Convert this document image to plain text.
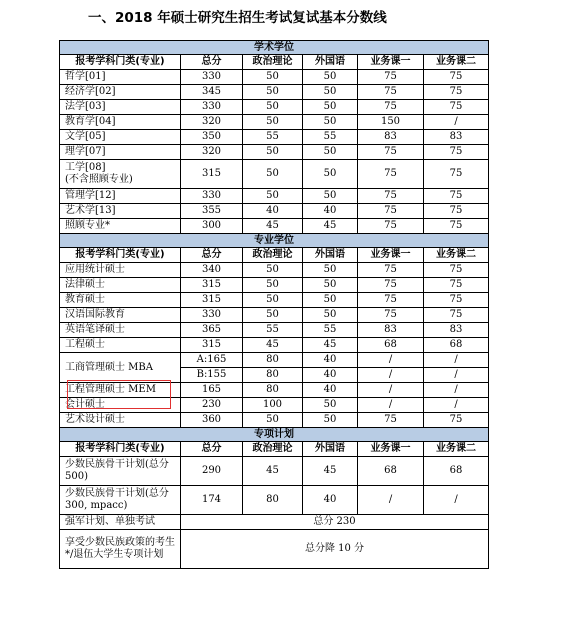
一、2018 年硕士研究生招生考试复试基本分数线
学术学位					
报考学科门类(专业)	总分	政治理论	外国语	业务课一	业务课二
哲学[01]	330	50	50	75	75
经济学[02]	345	50	50	75	75
法学[03]	330	50	50	75	75
教育学[04]	320	50	50	150	/
文学[05]	350	55	55	83	83
理学[07]	320	50	50	75	75
工学[08]
(不含照顾专业)	315	50	50	75	75
管理学[12]	330	50	50	75	75
艺术学[13]	355	40	40	75	75
照顾专业*	300	45	45	75	75
专业学位					
报考学科门类(专业)	总分	政治理论	外国语	业务课一	业务课二
应用统计硕士	340	50	50	75	75
法律硕士	315	50	50	75	75
教育硕士	315	50	50	75	75
汉语国际教育	330	50	50	75	75
英语笔译硕士	365	55	55	83	83
工程硕士	315	45	45	68	68
工商管理硕士 MBA	A:165	80	40	/	/
	B:155	80	40	/	/
工程管理硕士 MEM	165	80	40	/	/
会计硕士	230	100	50	/	/
艺术设计硕士	360	50	50	75	75
专项计划					
报考学科门类(专业)	总分	政治理论	外国语	业务课一	业务课二
少数民族骨干计划(总分 500)	290	45	45	68	68
少数民族骨干计划(总分 300, mpacc)	174	80	40	/	/
强军计划、单独考试	总分 230				
享受少数民族政策的考生*/退伍大学生专项计划	总分降 10 分				
